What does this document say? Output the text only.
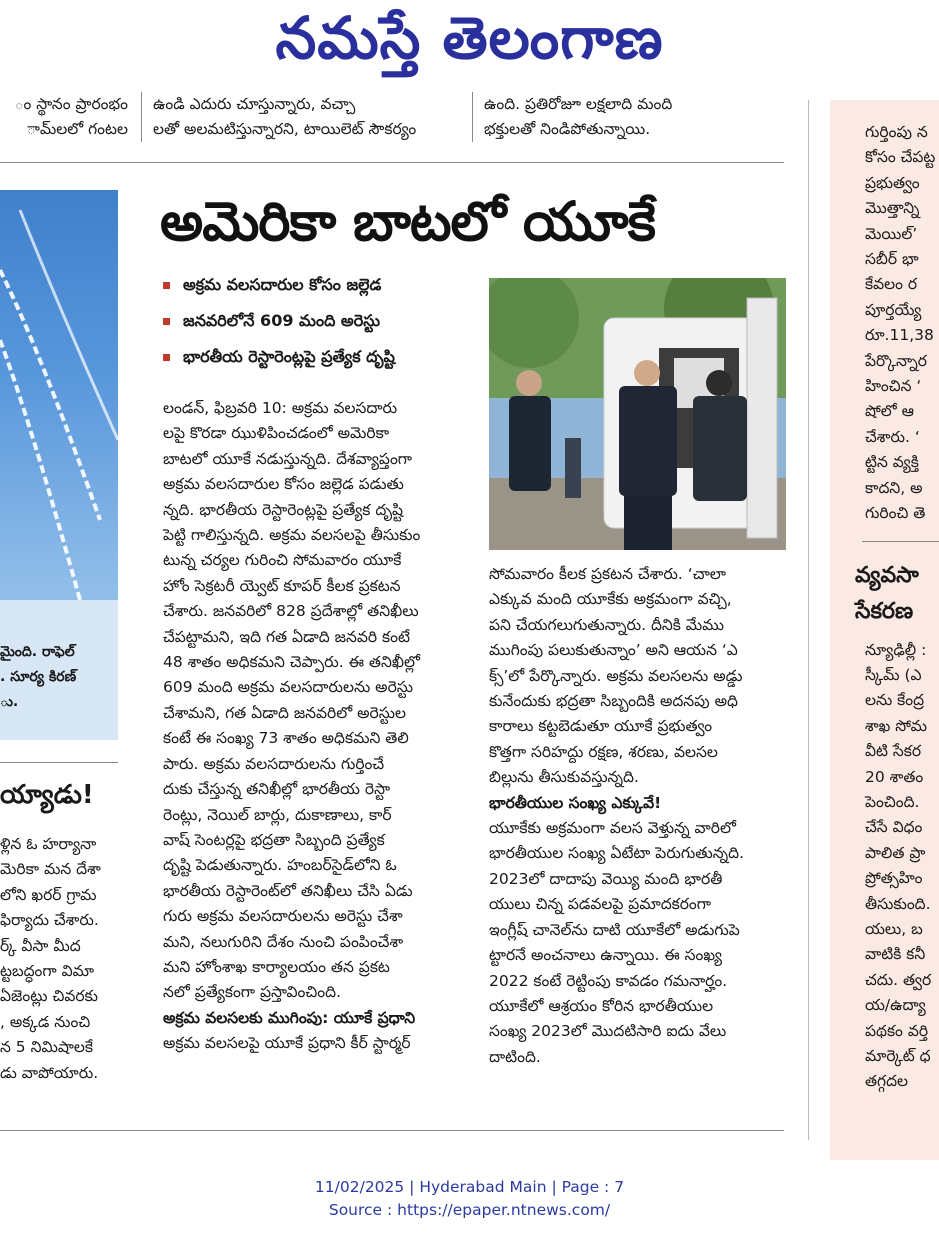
నమస్తే తెలంగాణ

ం స్థానం ప్రారంభం

ామ్‌లలో గంటల

ఉండి ఎదురు చూస్తున్నారు, వచ్చా

లతో అలమటిస్తున్నారని, టాయిలెట్ సౌకర్యం

ఉంది. ప్రతిరోజూ లక్షలాది మంది

భక్తులతో నిండిపోతున్నాయి.

మైంది. రాఫెల్

. సూర్య కిరణ్

ు.

య్యాడు!

ళ్లిన ఓ హర్యానా

మెరికా మన దేశా

లోని ఖరర్ గ్రామ

ఫిర్యాదు చేశారు.

ర్క్ వీసా మీద

ట్టబద్ధంగా విమా

ఏజెంట్లు చివరకు

, అక్కడ నుంచి

న 5 నిమిషాలకే

డు వాపోయారు.

అమెరికా బాటలో యూకే
అక్రమ వలసదారుల కోసం జల్లెడ
జనవరిలోనే 609 మంది అరెస్టు
భారతీయ రెస్టారెంట్లపై ప్రత్యేక దృష్టి

లండన్, ఫిబ్రవరి 10: అక్రమ వలసదారు

లపై కొరడా ఝుళిపించడంలో అమెరికా

బాటలో యూకే నడుస్తున్నది. దేశవ్యాప్తంగా

అక్రమ వలసదారుల కోసం జల్లెడ పడుతు

న్నది. భారతీయ రెస్టారెంట్లపై ప్రత్యేక దృష్టి

పెట్టి గాలిస్తున్నది. అక్రమ వలసలపై తీసుకుం

టున్న చర్యల గురించి సోమవారం యూకే

హోం సెక్రటరీ య్వెట్ కూపర్ కీలక ప్రకటన

చేశారు. జనవరిలో 828 ప్రదేశాల్లో తనిఖీలు

చేపట్టామని, ఇది గత ఏడాది జనవరి కంటే

48 శాతం అధికమని చెప్పారు. ఈ తనిఖీల్లో

609 మంది అక్రమ వలసదారులను అరెస్టు

చేశామని, గత ఏడాది జనవరిలో అరెస్టుల

కంటే ఈ సంఖ్య 73 శాతం అధికమని తెలి

పారు. అక్రమ వలసదారులను గుర్తించే

దుకు చేస్తున్న తనిఖీల్లో భారతీయ రెస్టా

రెంట్లు, నెయిల్ బార్లు, దుకాణాలు, కార్

వాష్ సెంటర్లపై భద్రతా సిబ్బంది ప్రత్యేక

దృష్టి పెడుతున్నారు. హంబర్‌సైడ్‌లోని ఓ

భారతీయ రెస్టారెంట్‌లో తనిఖీలు చేసి ఏడు

గురు అక్రమ వలసదారులను అరెస్టు చేశా

మని, నలుగురిని దేశం నుంచి పంపించేశా

మని హోంశాఖ కార్యాలయం తన ప్రకట

నలో ప్రత్యేకంగా ప్రస్తావించింది.

అక్రమ వలసలకు ముగింపు: యూకే ప్రధాని

అక్రమ వలసలపై యూకే ప్రధాని కీర్ స్టార్మర్

సోమవారం కీలక ప్రకటన చేశారు. ‘చాలా

ఎక్కువ మంది యూకేకు అక్రమంగా వచ్చి,

పని చేయగలుగుతున్నారు. దీనికి మేము

ముగింపు పలుకుతున్నాం’ అని ఆయన ‘ఎ

క్స్’లో పేర్కొన్నారు. అక్రమ వలసలను అడ్డు

కునేందుకు భద్రతా సిబ్బందికి అదనపు అధి

కారాలు కట్టబెడుతూ యూకే ప్రభుత్వం

కొత్తగా సరిహద్దు రక్షణ, శరణు, వలసల

బిల్లును తీసుకువస్తున్నది.

భారతీయుల సంఖ్య ఎక్కువే!

యూకేకు అక్రమంగా వలస వెళ్తున్న వారిలో

భారతీయుల సంఖ్య ఏటేటా పెరుగుతున్నది.

2023లో దాదాపు వెయ్యి మంది భారతీ

యులు చిన్న పడవలపై ప్రమాదకరంగా

ఇంగ్లీష్ చానెల్‌ను దాటి యూకేలో అడుగుపె

ట్టారనే అంచనాలు ఉన్నాయి. ఈ సంఖ్య

2022 కంటే రెట్టింపు కావడం గమనార్హం.

యూకేలో ఆశ్రయం కోరిన భారతీయుల

సంఖ్య 2023లో మొదటిసారి ఐదు వేలు

దాటింది.

గుర్తింపు న

కోసం చేపట్ట

ప్రభుత్వం

మొత్తాన్ని

మెయిల్’

సబీర్ భా

కేవలం ర

పూర్తయ్యే

రూ.11,38

పేర్కొన్నార

హించిన ‘

షోలో ఆ

చేశారు. ‘

ట్టిన వ్యక్తి

కాదని, అ

గురించి తె

వ్యవసా
సేకరణ

న్యూఢిల్లీ :

స్కీమ్ (ఎ

లను కేంద్ర

శాఖ సోమ

వీటి సేకర

20 శాతం

పెంచింది.

చేసే విధం

పాలిత ప్రా

ప్రోత్సహిం

తీసుకుంది.

యలు, బ

వాటికి కనీ

చదు. త్వర

య/ఉద్యా

పథకం వర్తి

మార్కెట్ ధ

తగ్గదల

11/02/2025 | Hyderabad Main | Page : 7
Source : https://epaper.ntnews.com/
